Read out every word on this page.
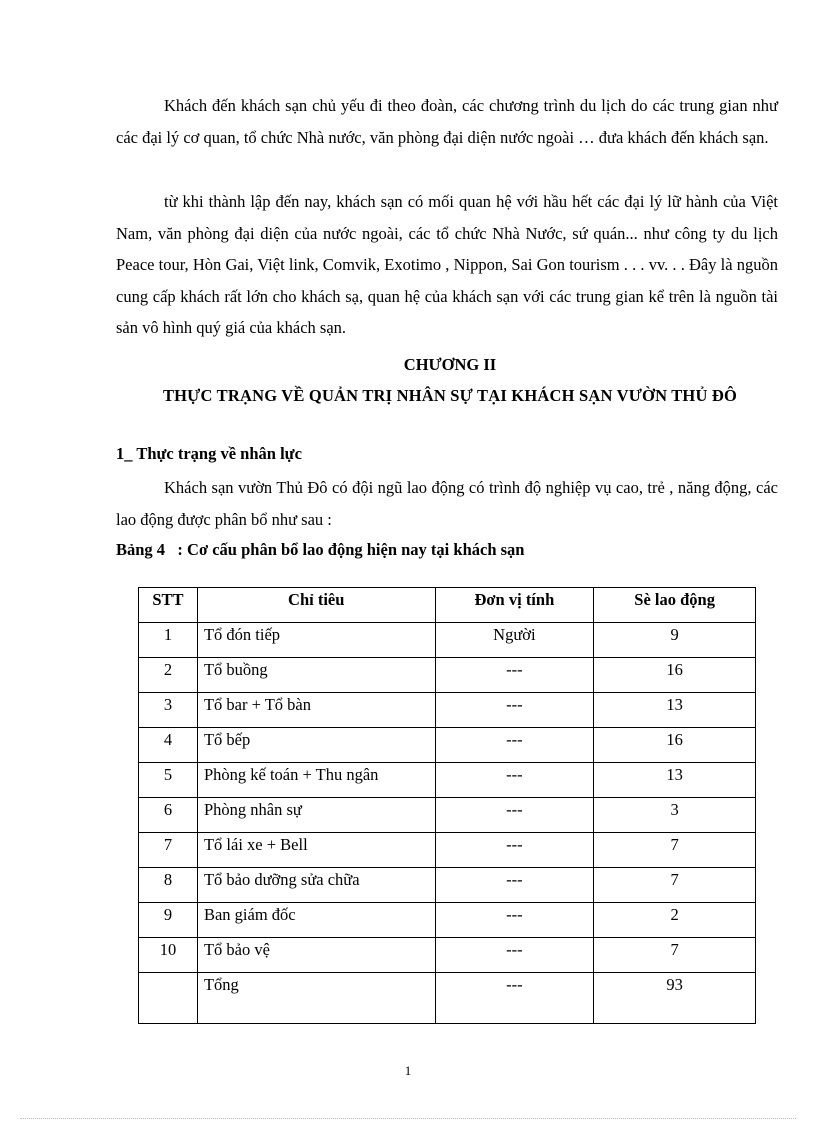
Khách đến khách sạn chủ yếu đi theo đoàn, các chương trình du lịch do các trung gian như các đại lý cơ quan, tổ chức Nhà nước, văn phòng đại diện nước ngoài … đưa khách đến khách sạn.

từ khi thành lập đến nay, khách sạn có mối quan hệ với hầu hết các đại lý lữ hành của Việt Nam, văn phòng đại diện của nước ngoài, các tổ chức Nhà Nước, sứ quán... như công ty du lịch Peace tour, Hòn Gai, Việt link, Comvik, Exotimo , Nippon, Sai Gon tourism . . . vv. . . Đây là nguồn cung cấp khách rất lớn cho khách sạ, quan hệ của khách sạn với các trung gian kể trên là nguồn tài sản vô hình quý giá của khách sạn.

CHƯƠNG II

THỰC TRẠNG VỀ QUẢN TRỊ NHÂN SỰ TẠI KHÁCH SẠN VƯỜN THỦ ĐÔ

1_ Thực trạng về nhân lực

Khách sạn vườn Thủ Đô có đội ngũ lao động có trình độ nghiệp vụ cao, trẻ , năng động, các lao động được phân bổ như sau :

Bảng 4   : Cơ cấu phân bổ lao động hiện nay tại khách sạn

STT	Chỉ tiêu	Đơn vị tính	Sè lao động
1	Tổ đón tiếp	Người	9
2	Tổ buồng	---	16
3	Tổ bar + Tổ bàn	---	13
4	Tổ bếp	---	16
5	Phòng kế toán + Thu ngân	---	13
6	Phòng nhân sự	---	3
7	Tổ lái xe + Bell	---	7
8	Tổ bảo dưỡng sửa chữa	---	7
9	Ban giám đốc	---	2
10	Tổ bảo vệ	---	7
	Tổng	---	93
1
